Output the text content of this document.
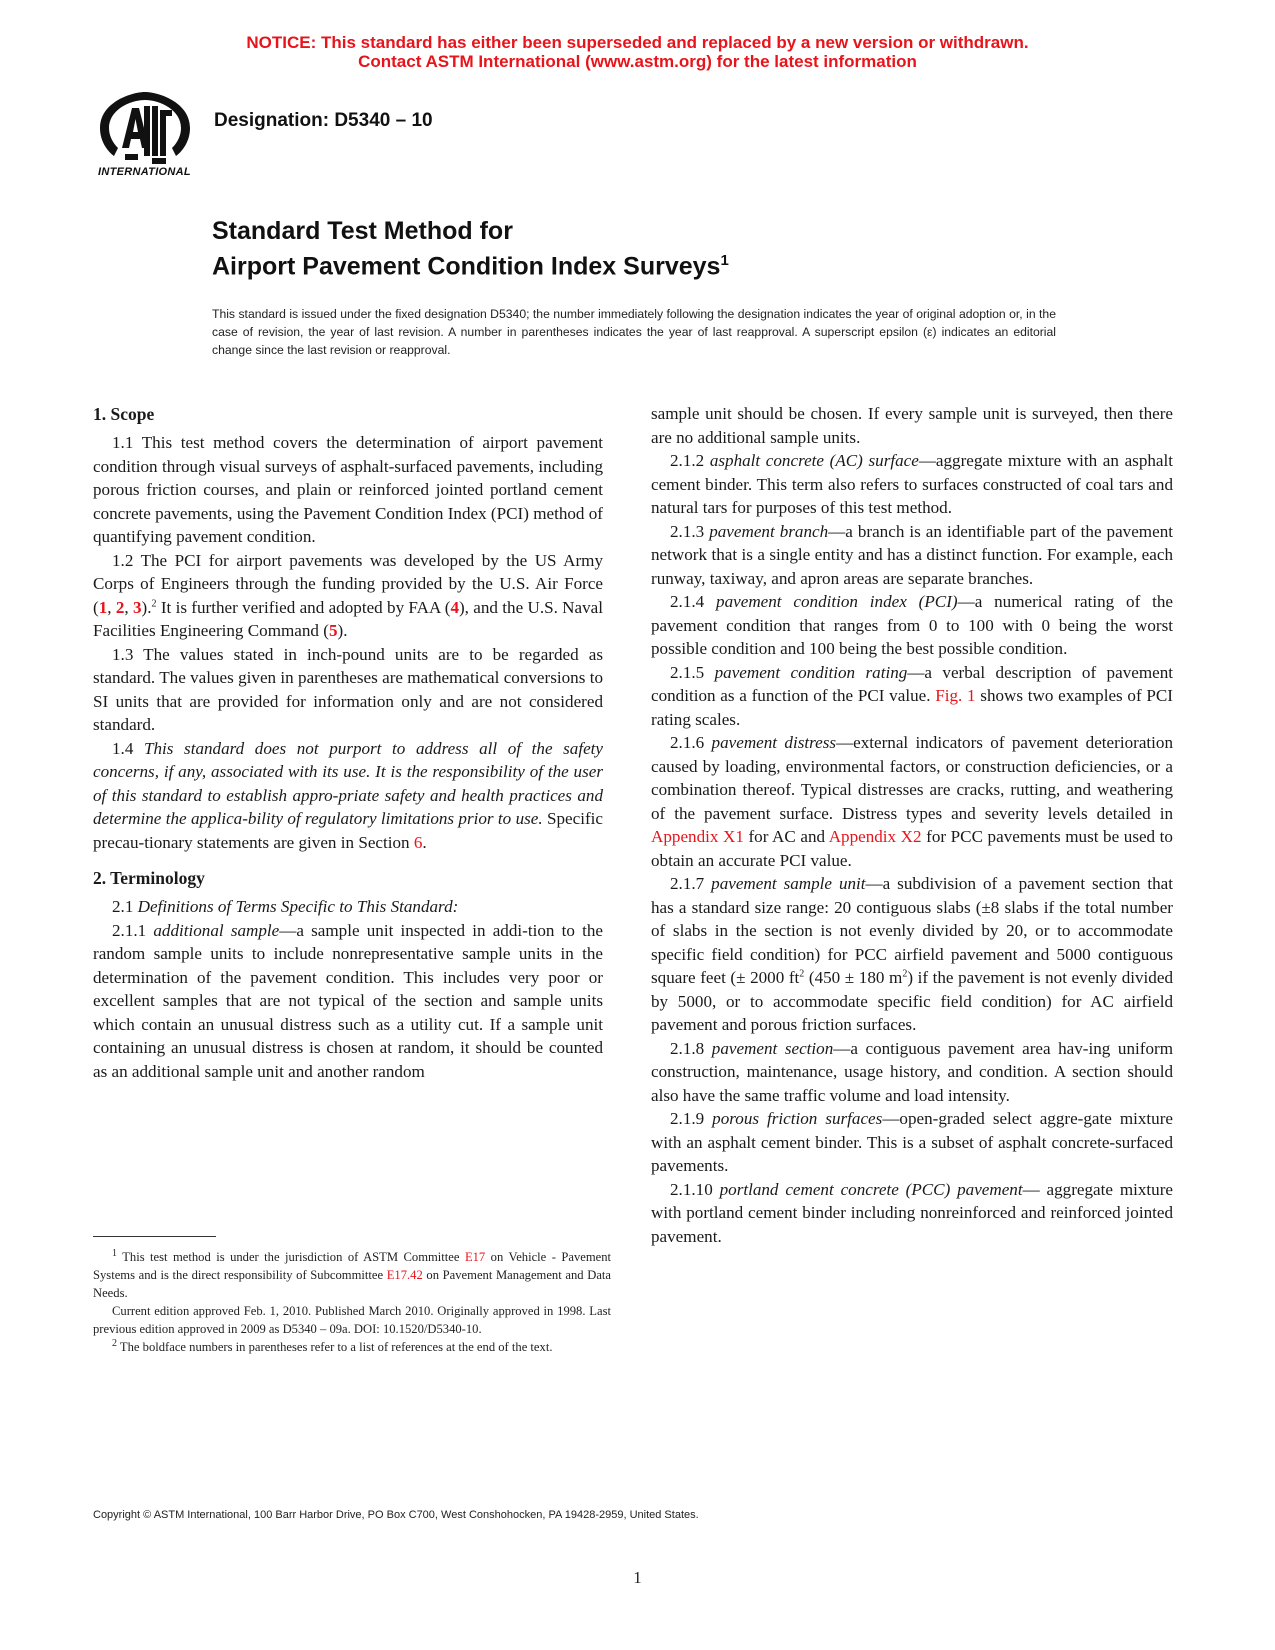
NOTICE: This standard has either been superseded and replaced by a new version or withdrawn.
Contact ASTM International (www.astm.org) for the latest information
INTERNATIONAL
Designation: D5340 – 10
Standard Test Method for
Airport Pavement Condition Index Surveys$^1$
This standard is issued under the fixed designation D5340; the number immediately following the designation indicates the year of original adoption or, in the case of revision, the year of last revision. A number in parentheses indicates the year of last reapproval. A superscript epsilon (ε) indicates an editorial change since the last revision or reapproval.
1. Scope

1.1 This test method covers the determination of airport pavement condition through visual surveys of asphalt-surfaced pavements, including porous friction courses, and plain or reinforced jointed portland cement concrete pavements, using the Pavement Condition Index (PCI) method of quantifying pavement condition.

1.2 The PCI for airport pavements was developed by the US Army Corps of Engineers through the funding provided by the U.S. Air Force (1, 2, 3).$^2$ It is further verified and adopted by FAA (4), and the U.S. Naval Facilities Engineering Command (5).

1.3 The values stated in inch-pound units are to be regarded as standard. The values given in parentheses are mathematical conversions to SI units that are provided for information only and are not considered standard.

1.4 This standard does not purport to address all of the safety concerns, if any, associated with its use. It is the responsibility of the user of this standard to establish appro-priate safety and health practices and determine the applica-bility of regulatory limitations prior to use. Specific precau-tionary statements are given in Section 6.

2. Terminology

2.1 Definitions of Terms Specific to This Standard:

2.1.1 additional sample—a sample unit inspected in addi-tion to the random sample units to include nonrepresentative sample units in the determination of the pavement condition. This includes very poor or excellent samples that are not typical of the section and sample units which contain an unusual distress such as a utility cut. If a sample unit containing an unusual distress is chosen at random, it should be counted as an additional sample unit and another random

sample unit should be chosen. If every sample unit is surveyed, then there are no additional sample units.

2.1.2 asphalt concrete (AC) surface—aggregate mixture with an asphalt cement binder. This term also refers to surfaces constructed of coal tars and natural tars for purposes of this test method.

2.1.3 pavement branch—a branch is an identifiable part of the pavement network that is a single entity and has a distinct function. For example, each runway, taxiway, and apron areas are separate branches.

2.1.4 pavement condition index (PCI)—a numerical rating of the pavement condition that ranges from 0 to 100 with 0 being the worst possible condition and 100 being the best possible condition.

2.1.5 pavement condition rating—a verbal description of pavement condition as a function of the PCI value. Fig. 1 shows two examples of PCI rating scales.

2.1.6 pavement distress—external indicators of pavement deterioration caused by loading, environmental factors, or construction deficiencies, or a combination thereof. Typical distresses are cracks, rutting, and weathering of the pavement surface. Distress types and severity levels detailed in Appendix X1 for AC and Appendix X2 for PCC pavements must be used to obtain an accurate PCI value.

2.1.7 pavement sample unit—a subdivision of a pavement section that has a standard size range: 20 contiguous slabs (±8 slabs if the total number of slabs in the section is not evenly divided by 20, or to accommodate specific field condition) for PCC airfield pavement and 5000 contiguous square feet (± 2000 $ft^2$ (450 ± 180 $m^2$) if the pavement is not evenly divided by 5000, or to accommodate specific field condition) for AC airfield pavement and porous friction surfaces.

2.1.8 pavement section—a contiguous pavement area hav-ing uniform construction, maintenance, usage history, and condition. A section should also have the same traffic volume and load intensity.

2.1.9 porous friction surfaces—open-graded select aggre-gate mixture with an asphalt cement binder. This is a subset of asphalt concrete-surfaced pavements.

2.1.10 portland cement concrete (PCC) pavement— aggregate mixture with portland cement binder including nonreinforced and reinforced jointed pavement.

$^1$ This test method is under the jurisdiction of ASTM Committee E17 on Vehicle - Pavement Systems and is the direct responsibility of Subcommittee E17.42 on Pavement Management and Data Needs.

Current edition approved Feb. 1, 2010. Published March 2010. Originally approved in 1998. Last previous edition approved in 2009 as D5340 – 09a. DOI: 10.1520/D5340-10.

$^2$ The boldface numbers in parentheses refer to a list of references at the end of the text.

Copyright © ASTM International, 100 Barr Harbor Drive, PO Box C700, West Conshohocken, PA 19428-2959, United States.
1
